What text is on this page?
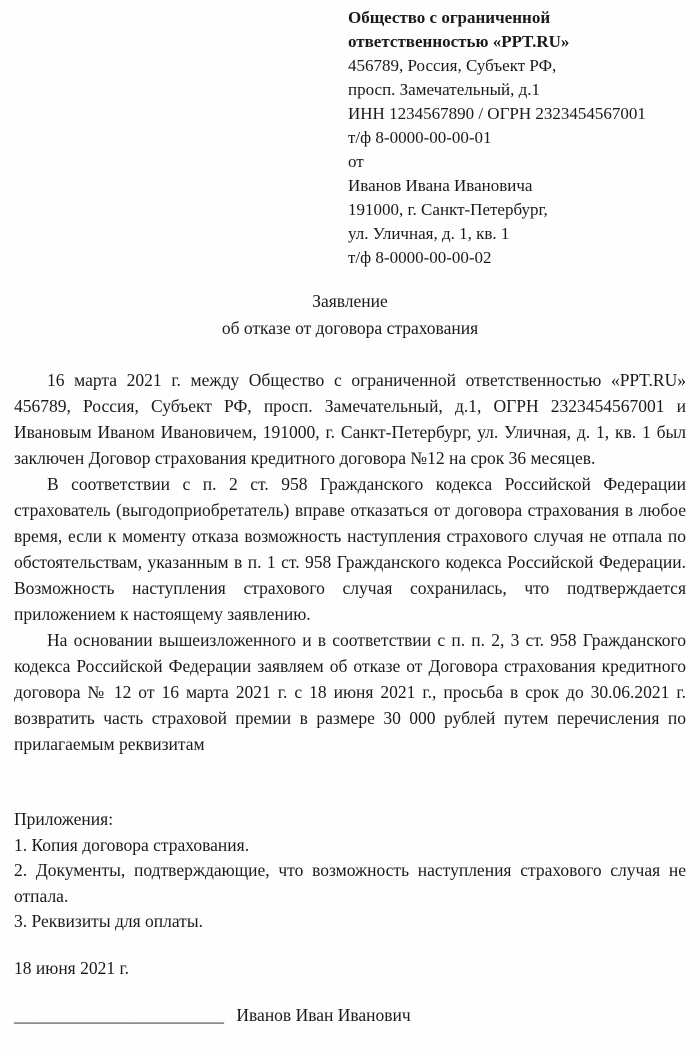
Общество с ограниченной
ответственностью «PPT.RU»
456789, Россия, Субъект РФ,
просп. Замечательный, д.1
ИНН 1234567890 / ОГРН 2323454567001
т/ф 8-0000-00-00-01
от
Иванов Ивана Ивановича
191000, г. Санкт-Петербург,
ул. Уличная, д. 1, кв. 1
т/ф 8-0000-00-00-02
Заявление
об отказе от договора страхования

16 марта 2021 г. между Общество с ограниченной ответственностью «PPT.RU» 456789, Россия, Субъект РФ, просп. Замечательный, д.1, ОГРН 2323454567001 и Ивановым Иваном Ивановичем, 191000, г. Санкт-Петербург, ул. Уличная, д. 1, кв. 1 был заключен Договор страхования кредитного договора №12 на срок 36 месяцев.

В соответствии с п. 2 ст. 958 Гражданского кодекса Российской Федерации страхователь (выгодоприобретатель) вправе отказаться от договора страхования в любое время, если к моменту отказа возможность наступления страхового случая не отпала по обстоятельствам, указанным в п. 1 ст. 958 Гражданского кодекса Российской Федерации. Возможность наступления страхового случая сохранилась, что подтверждается приложением к настоящему заявлению.

На основании вышеизложенного и в соответствии с п. п. 2, 3 ст. 958 Гражданского кодекса Российской Федерации заявляем об отказе от Договора страхования кредитного договора № 12 от 16 марта 2021 г. с 18 июня 2021 г., просьба в срок до 30.06.2021 г. возвратить часть страховой премии в размере 30 000 рублей путем перечисления по прилагаемым реквизитам

Приложения:
1. Копия договора страхования.
2. Документы, подтверждающие, что возможность наступления страхового случая не отпала.
3. Реквизиты для оплаты.
18 июня 2021 г.
________________________ Иванов Иван Иванович
